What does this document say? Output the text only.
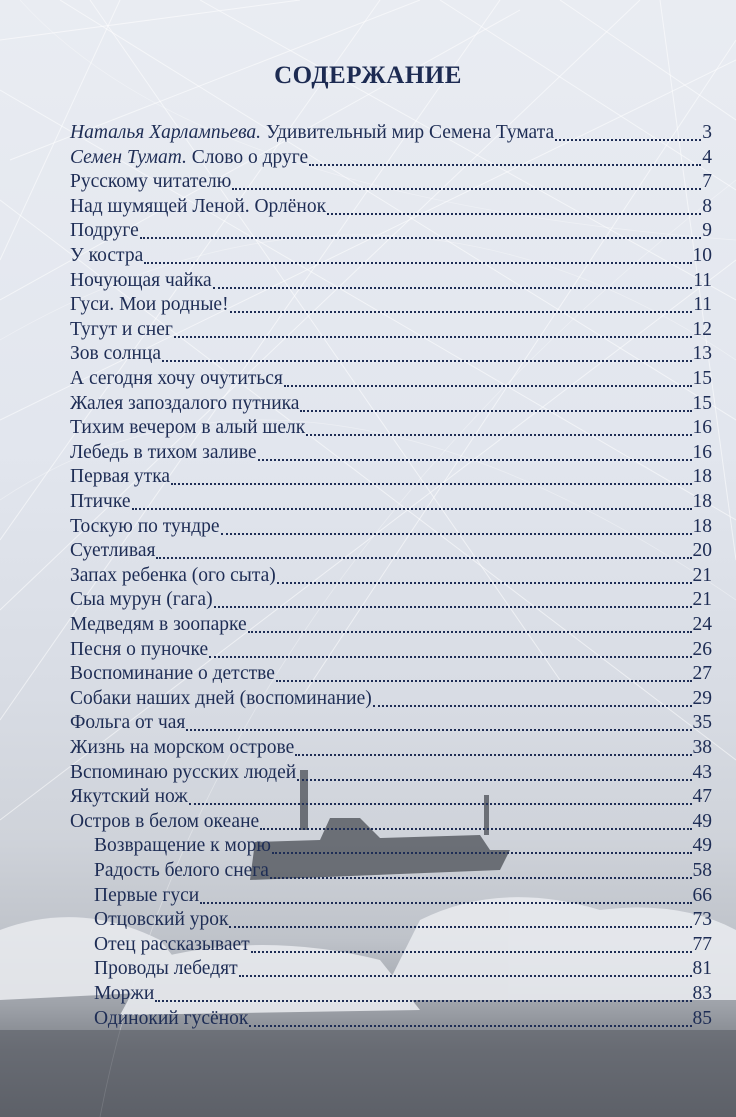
СОДЕРЖАНИЕ
Наталья Харлампьева. Удивительный мир Семена Тумата	3
Семен Тумат. Слово о друге	4
Русскому читателю	7
Над шумящей Леной. Орлёнок	8
Подруге	9
У костра	10
Ночующая чайка	11
Гуси. Мои родные!	11
Тугут и снег	12
Зов солнца	13
А сегодня хочу очутиться	15
Жалея запоздалого путника	15
Тихим вечером в алый шелк	16
Лебедь в тихом заливе	16
Первая утка	18
Птичке	18
Тоскую по тундре	18
Суетливая	20
Запах ребенка (ого сыта)	21
Сыа мурун (гага)	21
Медведям в зоопарке	24
Песня о пуночке	26
Воспоминание о детстве	27
Собаки наших дней (воспоминание)	29
Фольга от чая	35
Жизнь на морском острове	38
Вспоминаю русских людей	43
Якутский нож	47
Остров в белом океане	49
Возвращение к морю	49
Радость белого снега	58
Первые гуси	66
Отцовский урок	73
Отец рассказывает	77
Проводы лебедят	81
Моржи	83
Одинокий гусёнок	85
